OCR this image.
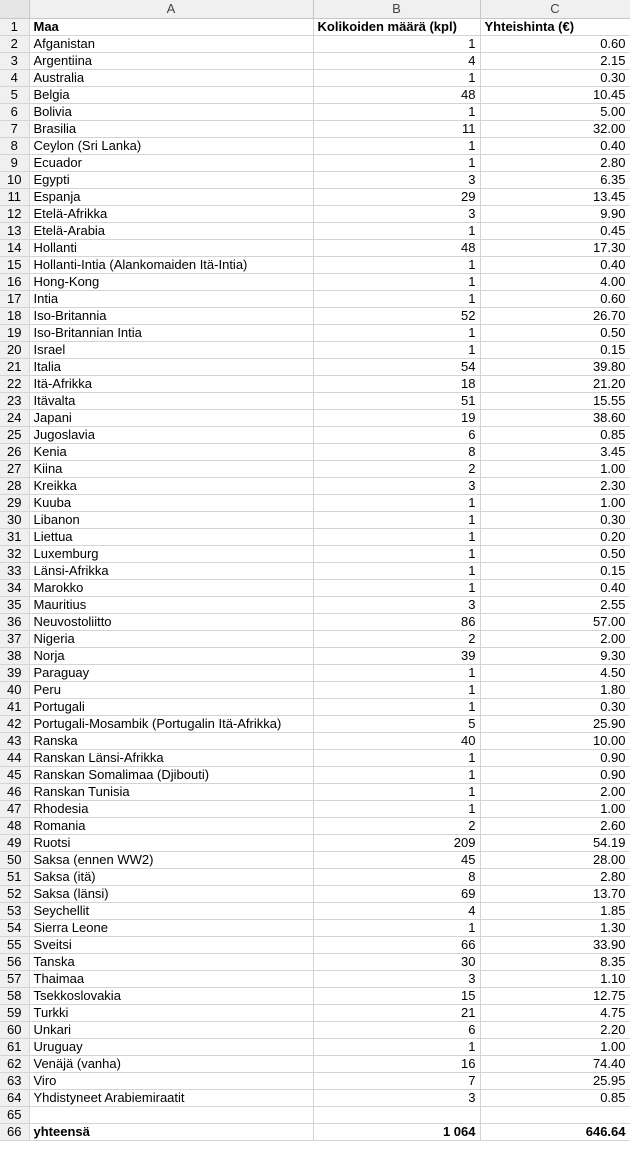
	A	B	C
1	Maa	Kolikoiden määrä (kpl)	Yhteishinta (€)
2	Afganistan	1	0.60
3	Argentiina	4	2.15
4	Australia	1	0.30
5	Belgia	48	10.45
6	Bolivia	1	5.00
7	Brasilia	11	32.00
8	Ceylon (Sri Lanka)	1	0.40
9	Ecuador	1	2.80
10	Egypti	3	6.35
11	Espanja	29	13.45
12	Etelä-Afrikka	3	9.90
13	Etelä-Arabia	1	0.45
14	Hollanti	48	17.30
15	Hollanti-Intia (Alankomaiden Itä-Intia)	1	0.40
16	Hong-Kong	1	4.00
17	Intia	1	0.60
18	Iso-Britannia	52	26.70
19	Iso-Britannian Intia	1	0.50
20	Israel	1	0.15
21	Italia	54	39.80
22	Itä-Afrikka	18	21.20
23	Itävalta	51	15.55
24	Japani	19	38.60
25	Jugoslavia	6	0.85
26	Kenia	8	3.45
27	Kiina	2	1.00
28	Kreikka	3	2.30
29	Kuuba	1	1.00
30	Libanon	1	0.30
31	Liettua	1	0.20
32	Luxemburg	1	0.50
33	Länsi-Afrikka	1	0.15
34	Marokko	1	0.40
35	Mauritius	3	2.55
36	Neuvostoliitto	86	57.00
37	Nigeria	2	2.00
38	Norja	39	9.30
39	Paraguay	1	4.50
40	Peru	1	1.80
41	Portugali	1	0.30
42	Portugali-Mosambik (Portugalin Itä-Afrikka)	5	25.90
43	Ranska	40	10.00
44	Ranskan Länsi-Afrikka	1	0.90
45	Ranskan Somalimaa (Djibouti)	1	0.90
46	Ranskan Tunisia	1	2.00
47	Rhodesia	1	1.00
48	Romania	2	2.60
49	Ruotsi	209	54.19
50	Saksa (ennen WW2)	45	28.00
51	Saksa (itä)	8	2.80
52	Saksa (länsi)	69	13.70
53	Seychellit	4	1.85
54	Sierra Leone	1	1.30
55	Sveitsi	66	33.90
56	Tanska	30	8.35
57	Thaimaa	3	1.10
58	Tsekkoslovakia	15	12.75
59	Turkki	21	4.75
60	Unkari	6	2.20
61	Uruguay	1	1.00
62	Venäjä (vanha)	16	74.40
63	Viro	7	25.95
64	Yhdistyneet Arabiemiraatit	3	0.85
65			
66	yhteensä	1 064	646.64
